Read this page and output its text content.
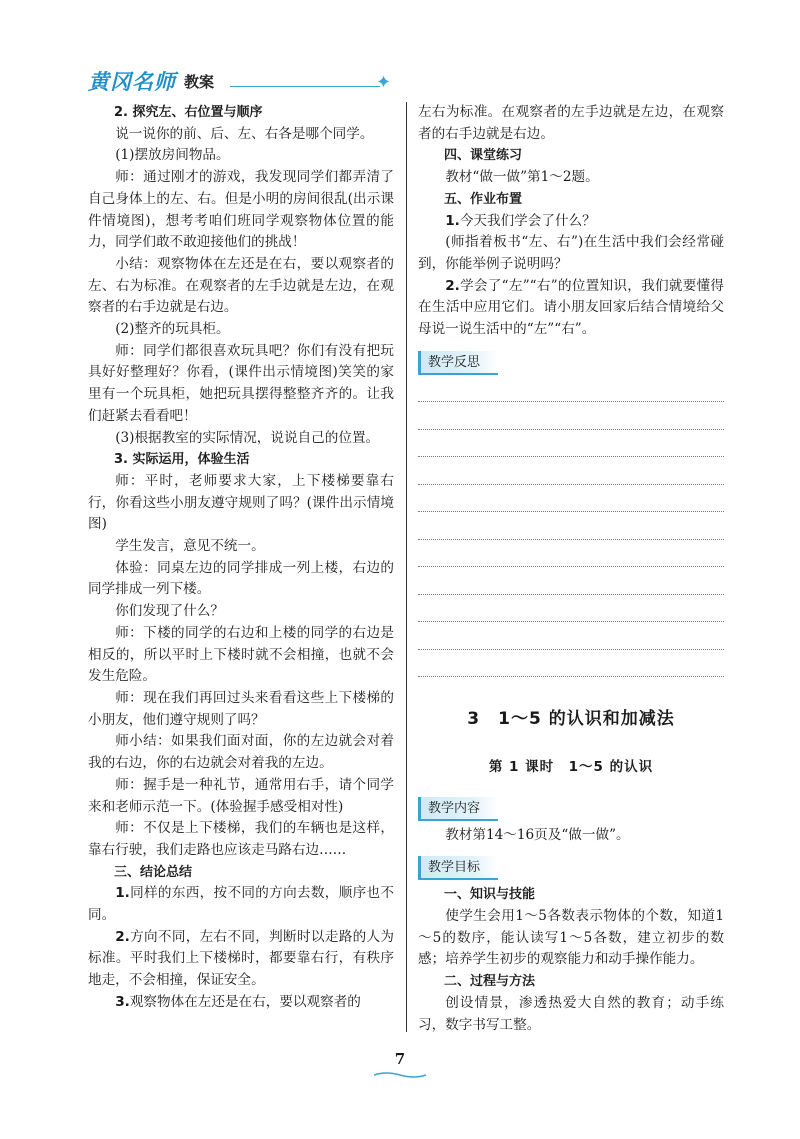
黄冈名师 教案	✦
2. 探究左、右位置与顺序
说一说你的前、后、左、右各是哪个同学。
(1)摆放房间物品。
师：通过刚才的游戏，我发现同学们都弄清了自己身体上的左、右。但是小明的房间很乱(出示课件情境图)，想考考咱们班同学观察物体位置的能力，同学们敢不敢迎接他们的挑战！
小结：观察物体在左还是在右，要以观察者的左、右为标准。在观察者的左手边就是左边，在观察者的右手边就是右边。
(2)整齐的玩具柜。
师：同学们都很喜欢玩具吧？你们有没有把玩具好好整理好？你看，(课件出示情境图)笑笑的家里有一个玩具柜，她把玩具摆得整整齐齐的。让我们赶紧去看看吧！
(3)根据教室的实际情况，说说自己的位置。
3. 实际运用，体验生活
师：平时，老师要求大家，上下楼梯要靠右行，你看这些小朋友遵守规则了吗？(课件出示情境图)
学生发言，意见不统一。
体验：同桌左边的同学排成一列上楼，右边的同学排成一列下楼。
你们发现了什么？
师：下楼的同学的右边和上楼的同学的右边是相反的，所以平时上下楼时就不会相撞，也就不会发生危险。
师：现在我们再回过头来看看这些上下楼梯的小朋友，他们遵守规则了吗？
师小结：如果我们面对面，你的左边就会对着我的右边，你的右边就会对着我的左边。
师：握手是一种礼节，通常用右手，请个同学来和老师示范一下。(体验握手感受相对性)
师：不仅是上下楼梯，我们的车辆也是这样，靠右行驶，我们走路也应该走马路右边……
三、结论总结
1.同样的东西，按不同的方向去数，顺序也不同。
2.方向不同，左右不同，判断时以走路的人为标准。平时我们上下楼梯时，都要靠右行，有秩序地走，不会相撞，保证安全。
3.观察物体在左还是在右，要以观察者的
左右为标准。在观察者的左手边就是左边，在观察者的右手边就是右边。
四、课堂练习
教材“做一做”第1～2题。
五、作业布置
1.今天我们学会了什么？
(师指着板书“左、右”)在生活中我们会经常碰到，你能举例子说明吗？
2.学会了“左”“右”的位置知识，我们就要懂得在生活中应用它们。请小朋友回家后结合情境给父母说一说生活中的“左”“右”。
教学反思
3　1～5 的认识和加减法
第 1 课时　1～5 的认识
教学内容
教材第14～16页及“做一做”。
教学目标
一、知识与技能
使学生会用1～5各数表示物体的个数，知道1～5的数序，能认读写1～5各数，建立初步的数感；培养学生初步的观察能力和动手操作能力。
二、过程与方法
创设情景，渗透热爱大自然的教育；动手练习，数字书写工整。
7
